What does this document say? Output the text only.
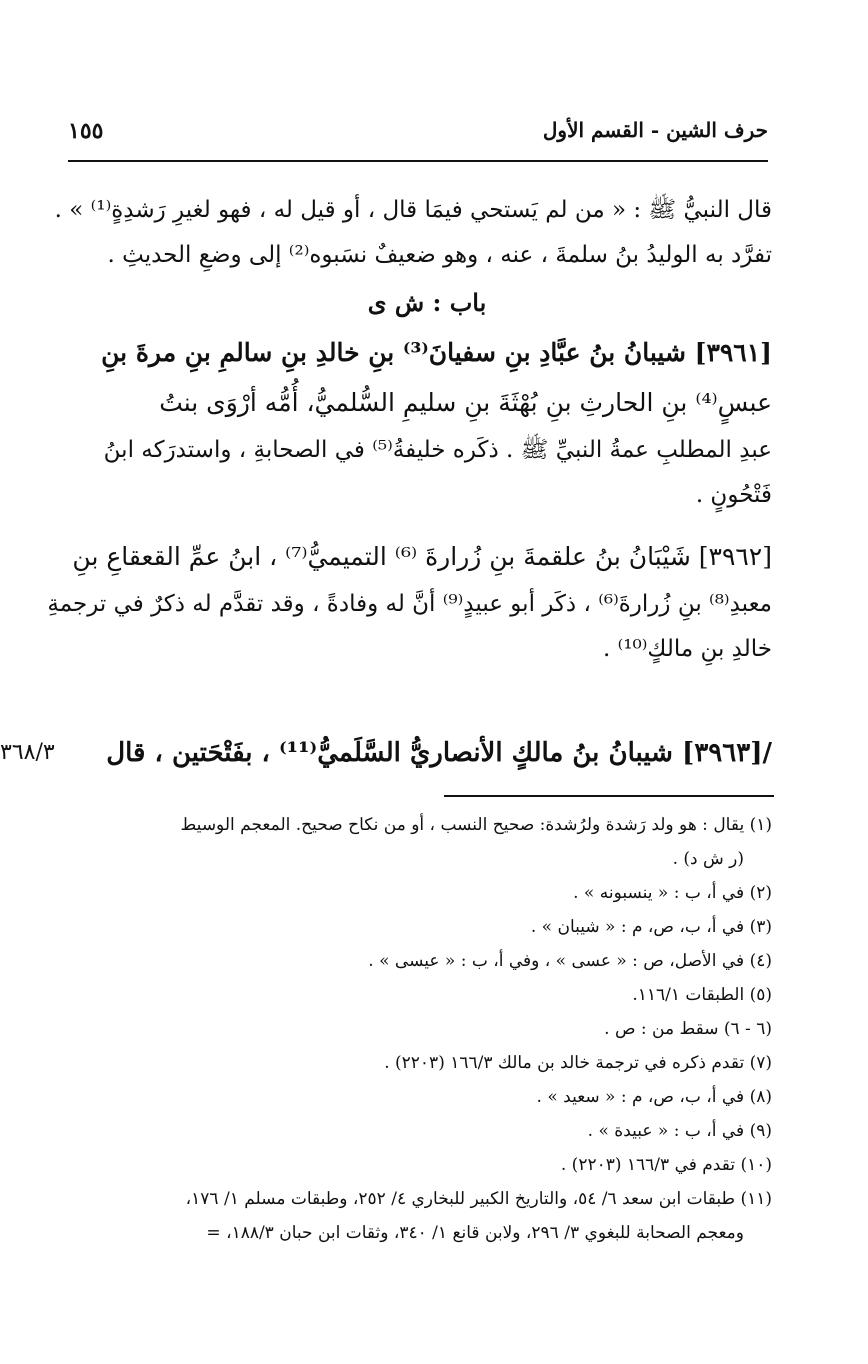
حرف الشين - القسم الأول
١٥٥
قال النبيُّ ﷺ : « من لم يَستحي فيمَا قال ، أو قيل له ، فهو لغيرِ رَشدِةٍ⁽¹⁾ » .
تفرَّد به الوليدُ بنُ سلمةَ ، عنه ، وهو ضعيفٌ نسَبوه⁽²⁾ إلى وضعِ الحديثِ .
باب : ش ى
[٣٩٦١] شيبانُ بنُ عبَّادِ بنِ سفيانَ⁽³⁾ بنِ خالدِ بنِ سالمِ بنِ مرةَ بنِ
عبسٍ⁽⁴⁾ بنِ الحارثِ بنِ بُهْثَةَ بنِ سليمِ السُّلميُّ، أُمُّه أرْوَى بنتُ
عبدِ المطلبِ عمةُ النبيِّ ﷺ . ذكَره خليفةُ⁽⁵⁾ في الصحابةِ ، واستدرَكه ابنُ
فَتْحُونٍ .
[٣٩٦٢] شَيْبَانُ بنُ علقمةَ بنِ زُرارةَ ⁽⁶⁾ التميميُّ⁽⁷⁾ ، ابنُ عمِّ القعقاعِ بنِ
معبدِ⁽⁸⁾ بنِ زُرارةَ⁽⁶⁾ ، ذكَر أبو عبيدٍ⁽⁹⁾ أنَّ له وفادةً ، وقد تقدَّم له ذكرٌ في ترجمةِ
خالدِ بنِ مالكٍ⁽¹⁰⁾ .
/[٣٩٦٣] شيبانُ بنُ مالكٍ الأنصاريُّ السَّلَميُّ⁽¹¹⁾ ، بفَتْحَتين ، قال
٣٦٨/٣
(١) يقال : هو ولد رَشدة ولرُشدة: صحيح النسب ، أو من نكاح صحيح. المعجم الوسيط
(ر ش د) .
(٢) في أ، ب : « ينسبونه » .
(٣) في أ، ب، ص، م : « شيبان » .
(٤) في الأصل، ص : « عسى » ، وفي أ، ب : « عيسى » .
(٥) الطبقات ١١٦/١.
(٦ - ٦) سقط من : ص .
(٧) تقدم ذكره في ترجمة خالد بن مالك ١٦٦/٣ (٢٢٠٣) .
(٨) في أ، ب، ص، م : « سعيد » .
(٩) في أ، ب : « عبيدة » .
(١٠) تقدم في ١٦٦/٣ (٢٢٠٣) .
(١١) طبقات ابن سعد ٦/ ٥٤، والتاريخ الكبير للبخاري ٤/ ٢٥٢، وطبقات مسلم ١/ ١٧٦،
ومعجم الصحابة للبغوي ٣/ ٢٩٦، ولابن قانع ١/ ٣٤٠، وثقات ابن حبان ١٨٨/٣، =
